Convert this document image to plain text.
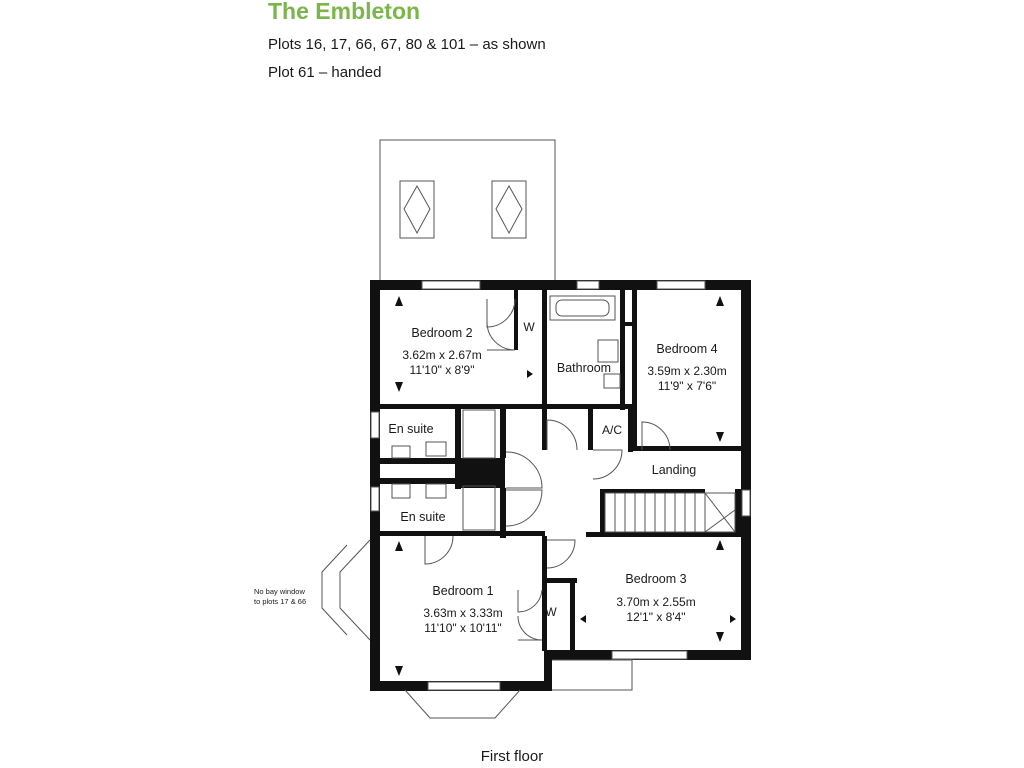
The Embleton
Plots 16, 17, 66, 67, 80 & 101 – as shown
Plot 61 – handed
No bay window
to plots 17 & 66
Bedroom 2
3.62m x 2.67m
11'10" x 8'9"
W
Bathroom
Bedroom 4
3.59m x 2.30m
11'9" x 7'6"
En suite	A/C
Landing
En suite
Bedroom 1
3.63m x 3.33m
11'10" x 10'11"
W
Bedroom 3
3.70m x 2.55m
12'1" x 8'4"
First floor
